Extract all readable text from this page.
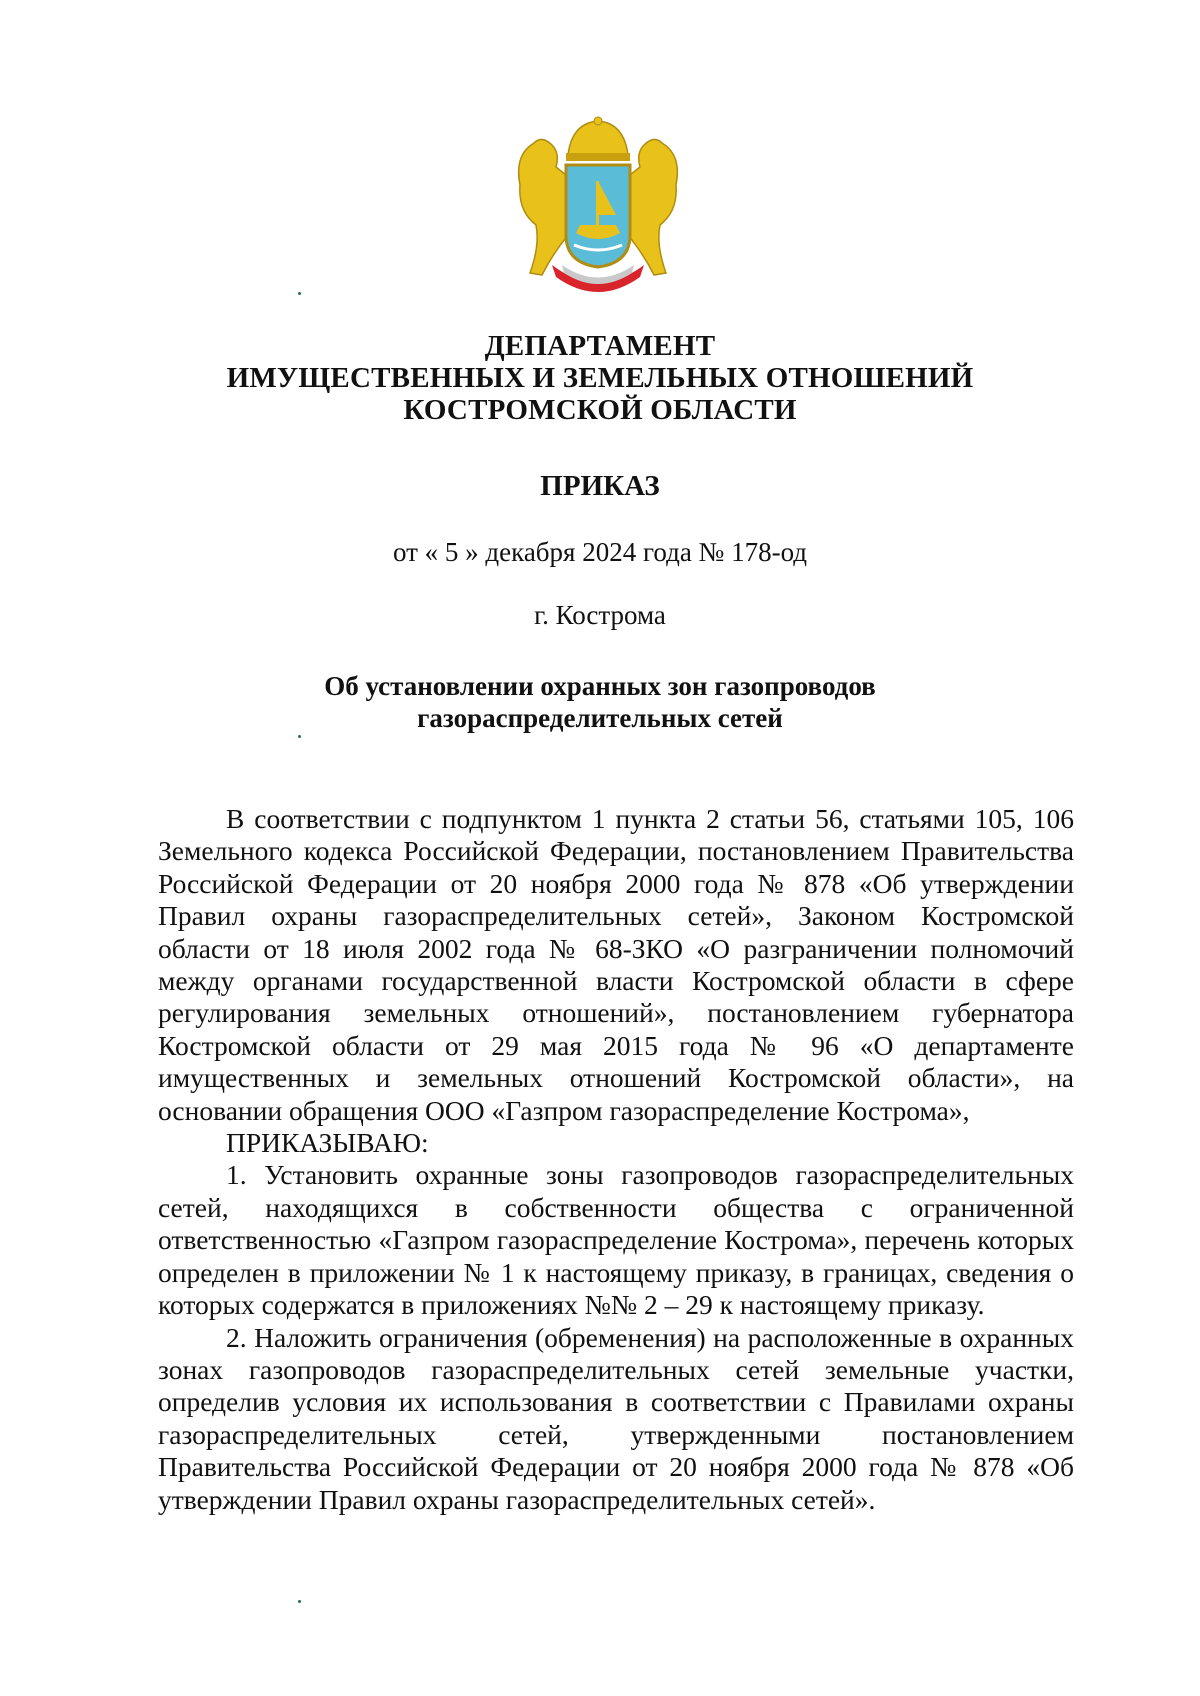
ДЕПАРТАМЕНТ
ИМУЩЕСТВЕННЫХ И ЗЕМЕЛЬНЫХ ОТНОШЕНИЙ
КОСТРОМСКОЙ ОБЛАСТИ
ПРИКАЗ
от « 5 » декабря 2024 года № 178-од
г. Кострома
Об установлении охранных зон газопроводов
газораспределительных сетей

В соответствии с подпунктом 1 пункта 2 статьи 56, статьями 105, 106 Земельного кодекса Российской Федерации, постановлением Правительства Российской Федерации от 20 ноября 2000 года № 878 «Об утверждении Правил охраны газораспределительных сетей», Законом Костромской области от 18 июля 2002 года № 68-ЗКО «О разграничении полномочий между органами государственной власти Костромской области в сфере регулирования земельных отношений», постановлением губернатора Костромской области от 29 мая 2015 года № 96 «О департаменте имущественных и земельных отношений Костромской области», на основании обращения ООО «Газпром газораспределение Кострома»,

ПРИКАЗЫВАЮ:

1. Установить охранные зоны газопроводов газораспределительных сетей, находящихся в собственности общества с ограниченной ответственностью «Газпром газораспределение Кострома», перечень которых определен в приложении № 1 к настоящему приказу, в границах, сведения о которых содержатся в приложениях №№ 2 – 29 к настоящему приказу.

2. Наложить ограничения (обременения) на расположенные в охранных зонах газопроводов газораспределительных сетей земельные участки, определив условия их использования в соответствии с Правилами охраны газораспределительных сетей, утвержденными постановлением Правительства Российской Федерации от 20 ноября 2000 года № 878 «Об утверждении Правил охраны газораспределительных сетей».
